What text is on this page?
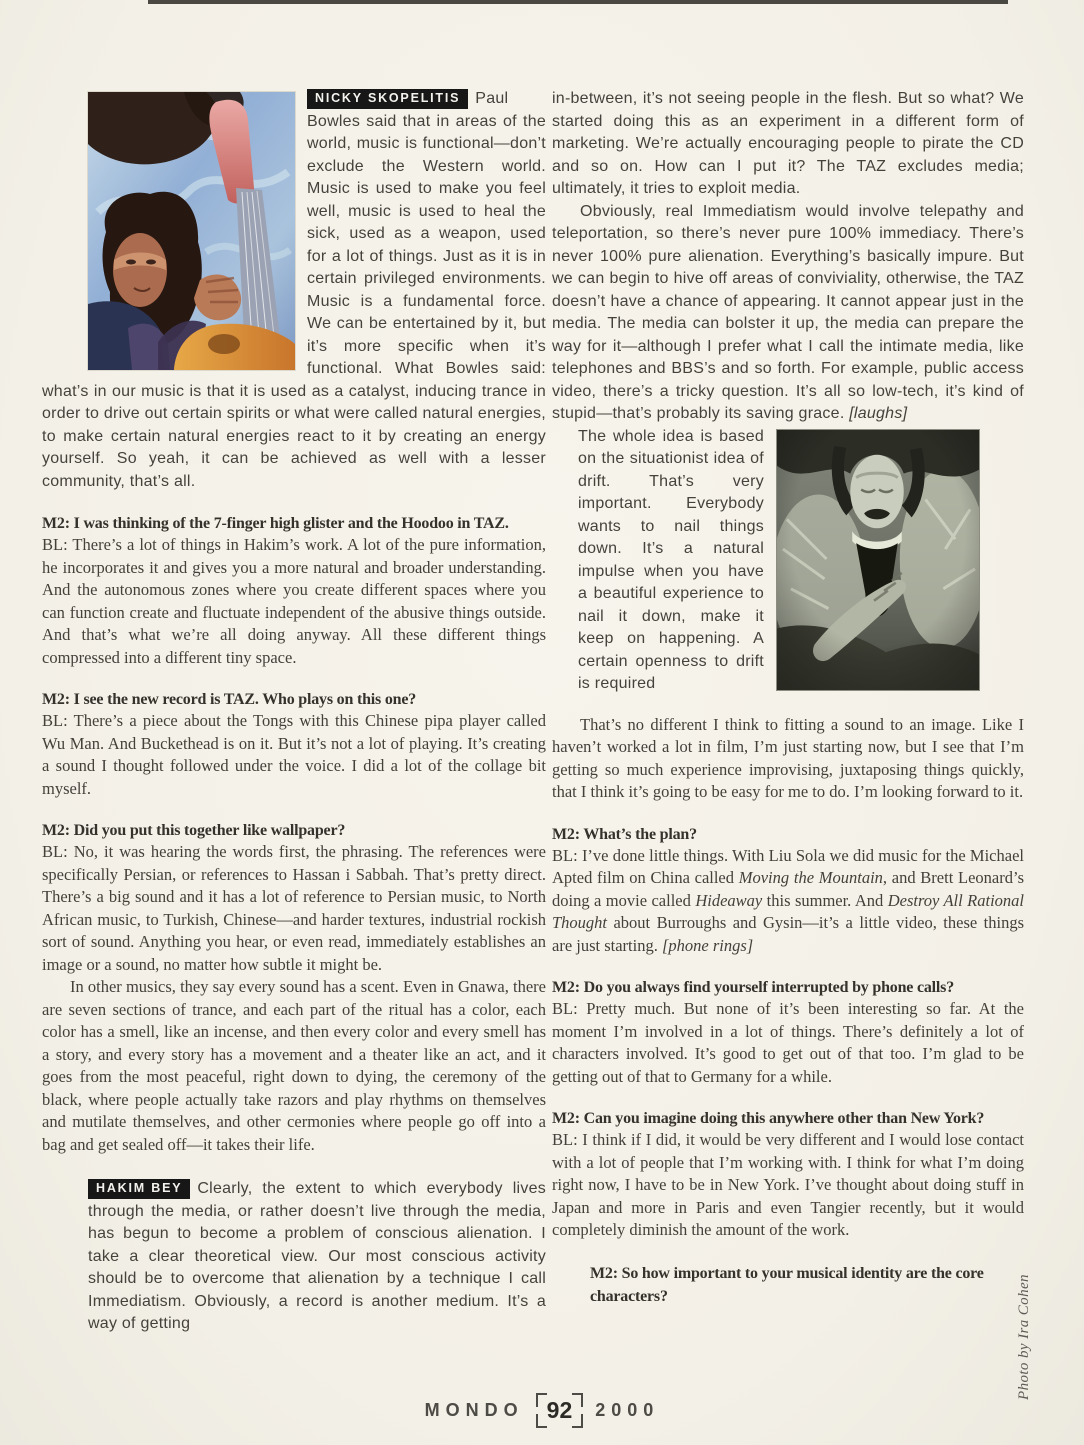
NICKY SKOPELITIS Paul Bowles said that in areas of the world, music is functional—don’t exclude the Western world. Music is used to make you feel well, music is used to heal the sick, used as a weapon, used for a lot of things. Just as it is in certain privileged environments. Music is a fundamental force. We can be entertained by it, but it’s more specific when it’s functional. What Bowles said: what’s in our music is that it is used as a catalyst, inducing trance in order to drive out certain spirits or what were called natural energies, to make certain natural energies react to it by creating an energy yourself. So yeah, it can be achieved as well with a lesser community, that’s all.

M2: I was thinking of the 7-finger high glister and the Hoodoo in TAZ.

BL: There’s a lot of things in Hakim’s work. A lot of the pure information, he incorporates it and gives you a more natural and broader understanding. And the autonomous zones where you create different spaces where you can function create and fluctuate independent of the abusive things outside. And that’s what we’re all doing anyway. All these different things compressed into a different tiny space.

M2: I see the new record is TAZ. Who plays on this one?

BL: There’s a piece about the Tongs with this Chinese pipa player called Wu Man. And Buckethead is on it. But it’s not a lot of playing. It’s creating a sound I thought followed under the voice. I did a lot of the collage bit myself.

M2: Did you put this together like wallpaper?

BL: No, it was hearing the words first, the phrasing. The references were specifically Persian, or references to Hassan i Sabbah. That’s pretty direct. There’s a big sound and it has a lot of reference to Persian music, to North African music, to Turkish, Chinese—and harder textures, industrial rockish sort of sound. Anything you hear, or even read, immediately establishes an image or a sound, no matter how subtle it might be.

In other musics, they say every sound has a scent. Even in Gnawa, there are seven sections of trance, and each part of the ritual has a color, each color has a smell, like an incense, and then every color and every smell has a story, and every story has a movement and a theater like an act, and it goes from the most peaceful, right down to dying, the ceremony of the black, where people actually take razors and play rhythms on themselves and mutilate themselves, and other cermonies where people go off into a bag and get sealed off—it takes their life.

HAKIM BEY Clearly, the extent to which everybody lives through the media, or rather doesn’t live through the media, has begun to become a problem of conscious alienation. I take a clear theoretical view. Our most conscious activity should be to overcome that alienation by a technique I call Immediatism. Obviously, a record is another medium. It’s a way of getting

in-between, it’s not seeing people in the flesh. But so what? We started doing this as an experiment in a different form of marketing. We’re actually encouraging people to pirate the CD and so on. How can I put it? The TAZ excludes media; ultimately, it tries to exploit media.

Obviously, real Immediatism would involve telepathy and teleportation, so there’s never pure 100% immediacy. There’s never 100% pure alienation. Everything’s basically impure. But we can begin to hive off areas of conviviality, otherwise, the TAZ doesn’t have a chance of appearing. It cannot appear just in the media. The media can bolster it up, the media can prepare the way for it—although I prefer what I call the intimate media, like telephones and BBS’s and so forth. For example, public access video, there’s a tricky question. It’s all so low-tech, it’s kind of stupid—that’s probably its saving grace. [laughs]

The whole idea is based on the situationist idea of drift. That’s very important. Everybody wants to nail things down. It’s a natural impulse when you have a beautiful experience to nail it down, make it keep on happening. A certain openness to drift is required

That’s no different I think to fitting a sound to an image. Like I haven’t worked a lot in film, I’m just starting now, but I see that I’m getting so much experience improvising, juxtaposing things quickly, that I think it’s going to be easy for me to do. I’m looking forward to it.

M2: What’s the plan?

BL: I’ve done little things. With Liu Sola we did music for the Michael Apted film on China called Moving the Mountain, and Brett Leonard’s doing a movie called Hideaway this summer. And Destroy All Rational Thought about Burroughs and Gysin—it’s a little video, these things are just starting. [phone rings]

M2: Do you always find yourself interrupted by phone calls?

BL: Pretty much. But none of it’s been interesting so far. At the moment I’m involved in a lot of things. There’s definitely a lot of characters involved. It’s good to get out of that too. I’m glad to be getting out of that to Germany for a while.

M2: Can you imagine doing this anywhere other than New York?

BL: I think if I did, it would be very different and I would lose contact with a lot of people that I’m working with. I think for what I’m doing right now, I have to be in New York. I’ve thought about doing stuff in Japan and more in Paris and even Tangier recently, but it would completely diminish the amount of the work.

M2: So how important to your musical identity are the core characters?

MONDO	92	2000
Photo by Ira Cohen
